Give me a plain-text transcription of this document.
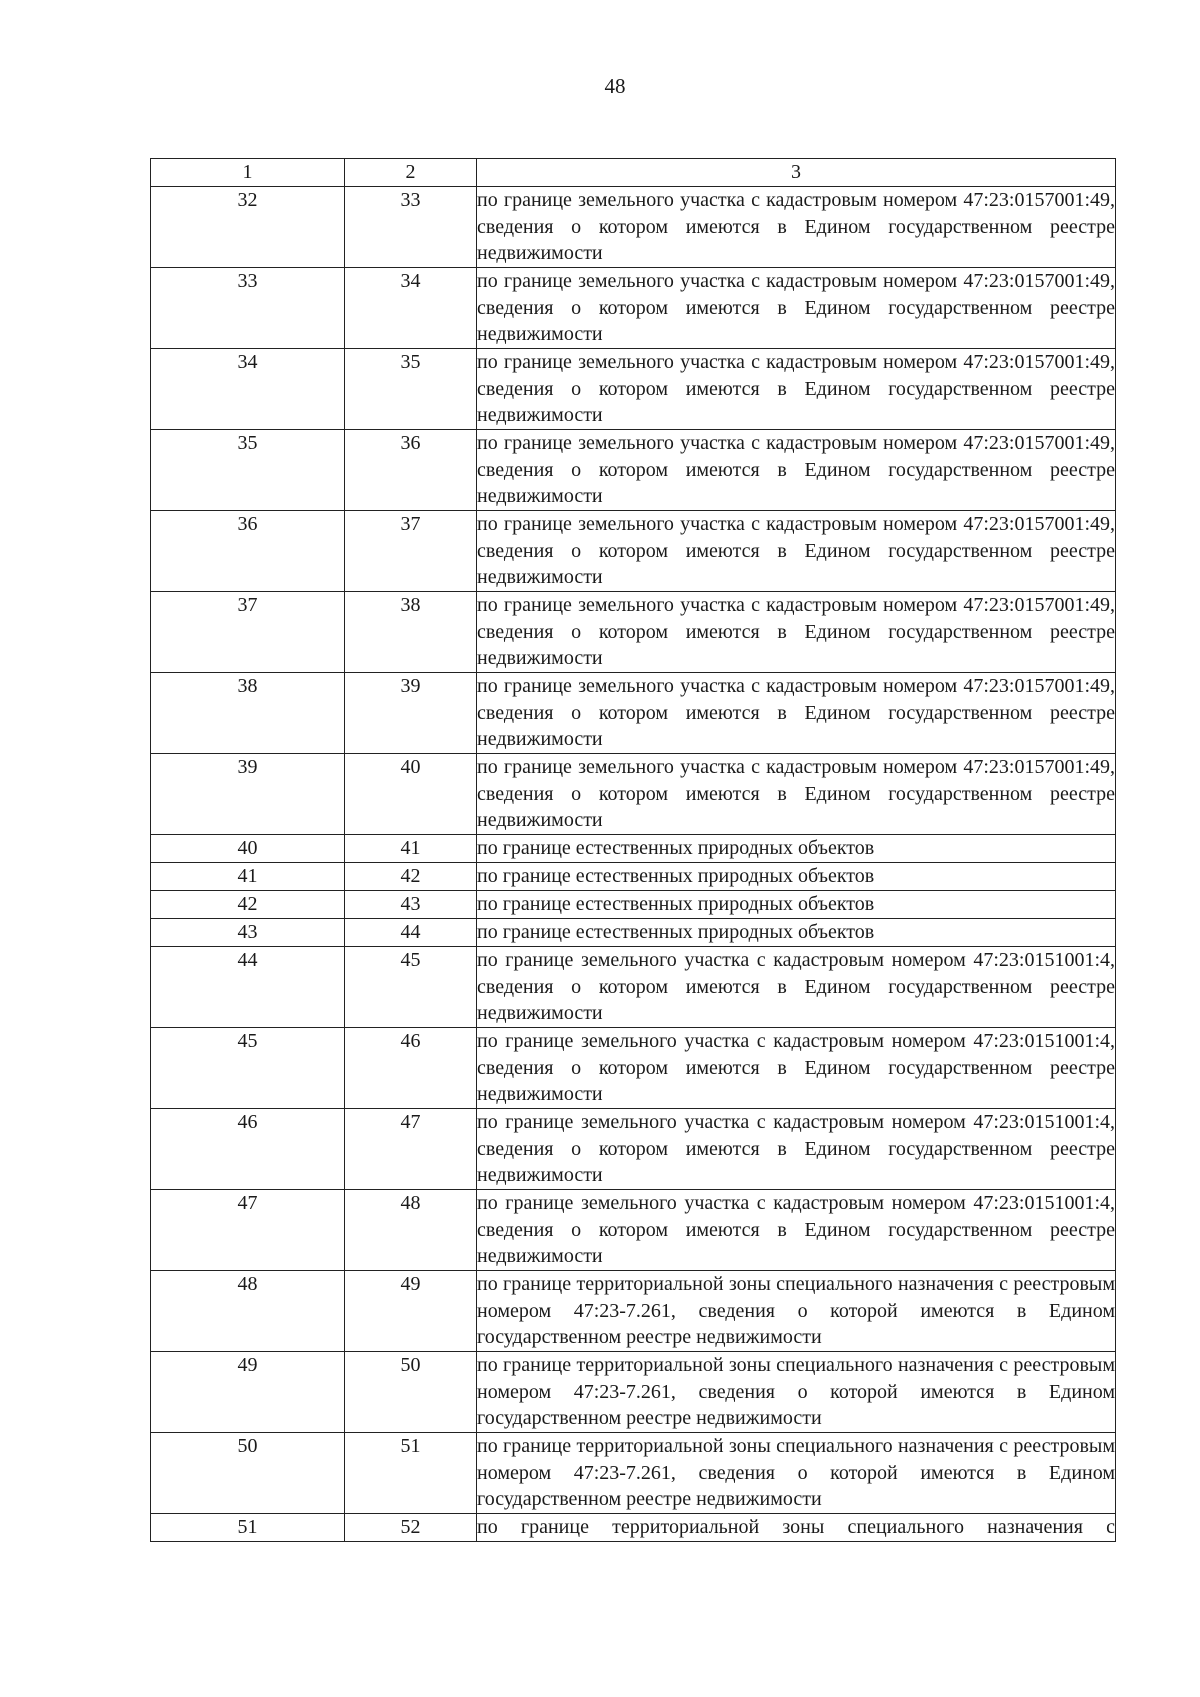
48
1	2	3
32	33	по границе земельного участка с кадастровым номером 47:23:0157001:49, сведения о котором имеются в Едином государственном реестре недвижимости
33	34	по границе земельного участка с кадастровым номером 47:23:0157001:49, сведения о котором имеются в Едином государственном реестре недвижимости
34	35	по границе земельного участка с кадастровым номером 47:23:0157001:49, сведения о котором имеются в Едином государственном реестре недвижимости
35	36	по границе земельного участка с кадастровым номером 47:23:0157001:49, сведения о котором имеются в Едином государственном реестре недвижимости
36	37	по границе земельного участка с кадастровым номером 47:23:0157001:49, сведения о котором имеются в Едином государственном реестре недвижимости
37	38	по границе земельного участка с кадастровым номером 47:23:0157001:49, сведения о котором имеются в Едином государственном реестре недвижимости
38	39	по границе земельного участка с кадастровым номером 47:23:0157001:49, сведения о котором имеются в Едином государственном реестре недвижимости
39	40	по границе земельного участка с кадастровым номером 47:23:0157001:49, сведения о котором имеются в Едином государственном реестре недвижимости
40	41	по границе естественных природных объектов
41	42	по границе естественных природных объектов
42	43	по границе естественных природных объектов
43	44	по границе естественных природных объектов
44	45	по границе земельного участка с кадастровым номером 47:23:0151001:4, сведения о котором имеются в Едином государственном реестре недвижимости
45	46	по границе земельного участка с кадастровым номером 47:23:0151001:4, сведения о котором имеются в Едином государственном реестре недвижимости
46	47	по границе земельного участка с кадастровым номером 47:23:0151001:4, сведения о котором имеются в Едином государственном реестре недвижимости
47	48	по границе земельного участка с кадастровым номером 47:23:0151001:4, сведения о котором имеются в Едином государственном реестре недвижимости
48	49	по границе территориальной зоны специального назначения с реестровым номером 47:23-7.261, сведения о которой имеются в Едином государственном реестре недвижимости
49	50	по границе территориальной зоны специального назначения с реестровым номером 47:23-7.261, сведения о которой имеются в Едином государственном реестре недвижимости
50	51	по границе территориальной зоны специального назначения с реестровым номером 47:23-7.261, сведения о которой имеются в Едином государственном реестре недвижимости
51	52	по границе территориальной зоны специального назначения с
